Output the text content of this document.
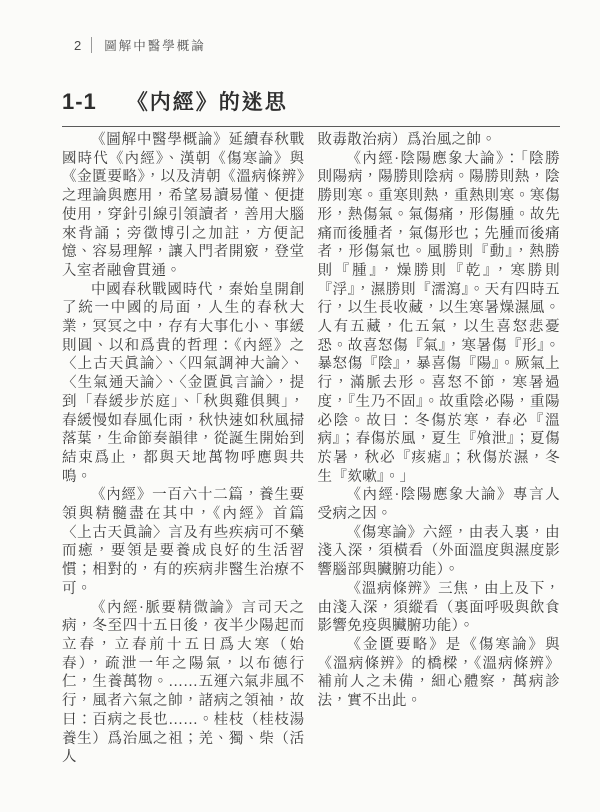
2 圖解中醫學概論
1-1 《内經》的迷思

《圖解中醫學概論》延續春秋戰國時代《內經》、漢朝《傷寒論》與《金匱要略》，以及清朝《溫病條辨》之理論與應用，希望易讀易懂、便捷使用，穿針引線引領讀者，善用大腦來背誦；旁徵博引之加註，方便記憶、容易理解，讓入門者開竅，登堂入室者融會貫通。

中國春秋戰國時代，秦始皇開創了統一中國的局面，人生的春秋大業，冥冥之中，存有大事化小、事緩則圓、以和爲貴的哲理：《內經》之〈上古天眞論〉、〈四氣調神大論〉、〈生氣通天論〉、〈金匱眞言論〉，提到「春緩步於庭」、「秋與雞俱興」，春緩慢如春風化雨，秋快速如秋風掃落葉，生命節奏韻律，從誕生開始到結束爲止，都與天地萬物呼應與共鳴。

《內經》一百六十二篇，養生要領與精髓盡在其中，《內經》首篇〈上古天眞論〉言及有些疾病可不藥而癒，要領是要養成良好的生活習慣；相對的，有的疾病非醫生治療不可。

《內經·脈要精微論》言司天之病，冬至四十五日後，夜半少陽起而立春，立春前十五日爲大寒（始春），疏泄一年之陽氣，以布德行仁，生養萬物。……五運六氣非風不行，風者六氣之帥，諸病之領袖，故曰：百病之長也……。桂枝（桂枝湯養生）爲治風之祖；羌、獨、柴（活人

敗毒散治病）爲治風之帥。

《內經·陰陽應象大論》：「陰勝則陽病，陽勝則陰病。陽勝則熱，陰勝則寒。重寒則熱，重熱則寒。寒傷形，熱傷氣。氣傷痛，形傷腫。故先痛而後腫者，氣傷形也；先腫而後痛者，形傷氣也。風勝則『動』，熱勝則『腫』，燥勝則『乾』，寒勝則『浮』，濕勝則『濡瀉』。天有四時五行，以生長收藏，以生寒暑燥濕風。人有五藏，化五氣，以生喜怒悲憂恐。故喜怒傷『氣』，寒暑傷『形』。暴怒傷『陰』，暴喜傷『陽』。厥氣上行，滿脈去形。喜怒不節，寒暑過度，『生乃不固』。故重陰必陽，重陽必陰。故曰：冬傷於寒，春必『溫病』；春傷於風，夏生『飧泄』；夏傷於暑，秋必『痎瘧』；秋傷於濕，冬生『欬嗽』。」

《內經·陰陽應象大論》專言人受病之因。

《傷寒論》六經，由表入裏，由淺入深，須橫看（外面溫度與濕度影響腦部與臟腑功能）。

《溫病條辨》三焦，由上及下，由淺入深，須縱看（裏面呼吸與飲食影響免疫與臟腑功能）。

《金匱要略》是《傷寒論》與《溫病條辨》的橋樑，《溫病條辨》補前人之未備，細心體察，萬病診法，實不出此。
